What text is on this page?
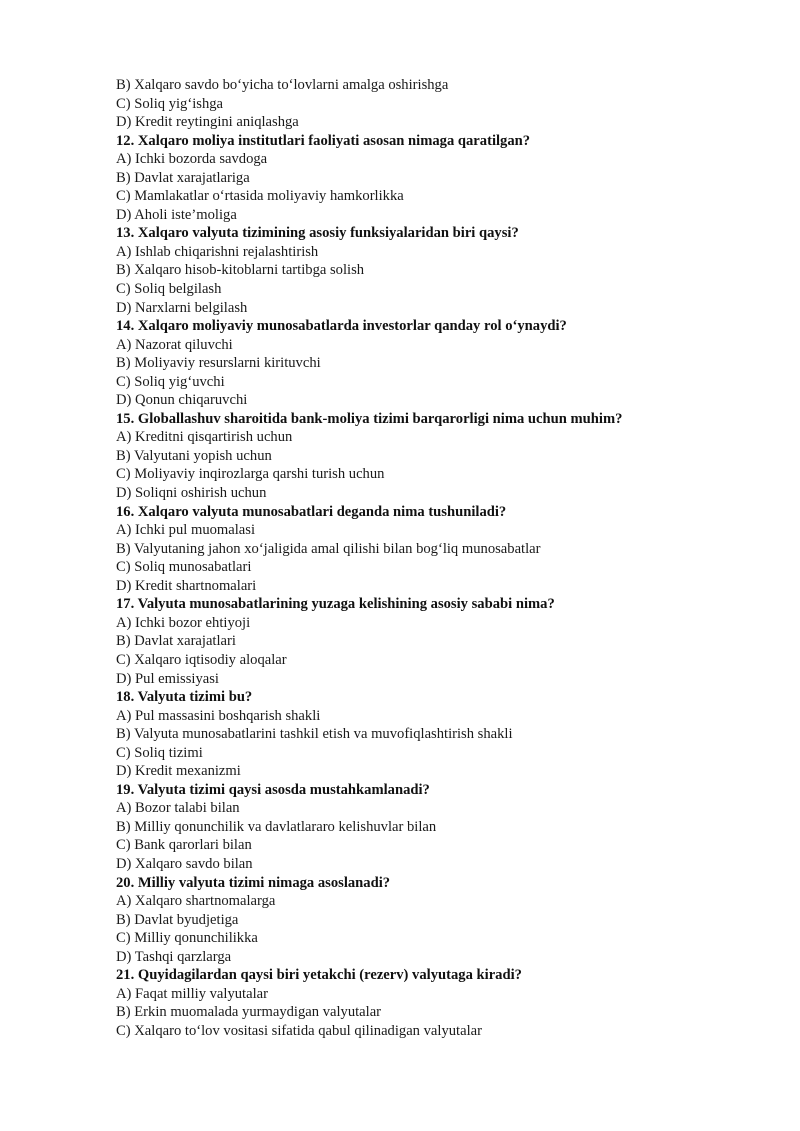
B) Xalqaro savdo bo‘yicha to‘lovlarni amalga oshirishga
C) Soliq yig‘ishga
D) Kredit reytingini aniqlashga
12. Xalqaro moliya institutlari faoliyati asosan nimaga qaratilgan?
A) Ichki bozorda savdoga
B) Davlat xarajatlariga
C) Mamlakatlar o‘rtasida moliyaviy hamkorlikka
D) Aholi iste’moliga
13. Xalqaro valyuta tizimining asosiy funksiyalaridan biri qaysi?
A) Ishlab chiqarishni rejalashtirish
B) Xalqaro hisob-kitoblarni tartibga solish
C) Soliq belgilash
D) Narxlarni belgilash
14. Xalqaro moliyaviy munosabatlarda investorlar qanday rol o‘ynaydi?
A) Nazorat qiluvchi
B) Moliyaviy resurslarni kirituvchi
C) Soliq yig‘uvchi
D) Qonun chiqaruvchi
15. Globallashuv sharoitida bank-moliya tizimi barqarorligi nima uchun muhim?
A) Kreditni qisqartirish uchun
B) Valyutani yopish uchun
C) Moliyaviy inqirozlarga qarshi turish uchun
D) Soliqni oshirish uchun
16. Xalqaro valyuta munosabatlari deganda nima tushuniladi?
A) Ichki pul muomalasi
B) Valyutaning jahon xo‘jaligida amal qilishi bilan bog‘liq munosabatlar
C) Soliq munosabatlari
D) Kredit shartnomalari
17. Valyuta munosabatlarining yuzaga kelishining asosiy sababi nima?
A) Ichki bozor ehtiyoji
B) Davlat xarajatlari
C) Xalqaro iqtisodiy aloqalar
D) Pul emissiyasi
18. Valyuta tizimi bu?
A) Pul massasini boshqarish shakli
B) Valyuta munosabatlarini tashkil etish va muvofiqlashtirish shakli
C) Soliq tizimi
D) Kredit mexanizmi
19. Valyuta tizimi qaysi asosda mustahkamlanadi?
A) Bozor talabi bilan
B) Milliy qonunchilik va davlatlararo kelishuvlar bilan
C) Bank qarorlari bilan
D) Xalqaro savdo bilan
20. Milliy valyuta tizimi nimaga asoslanadi?
A) Xalqaro shartnomalarga
B) Davlat byudjetiga
C) Milliy qonunchilikka
D) Tashqi qarzlarga
21. Quyidagilardan qaysi biri yetakchi (rezerv) valyutaga kiradi?
A) Faqat milliy valyutalar
B) Erkin muomalada yurmaydigan valyutalar
C) Xalqaro to‘lov vositasi sifatida qabul qilinadigan valyutalar
